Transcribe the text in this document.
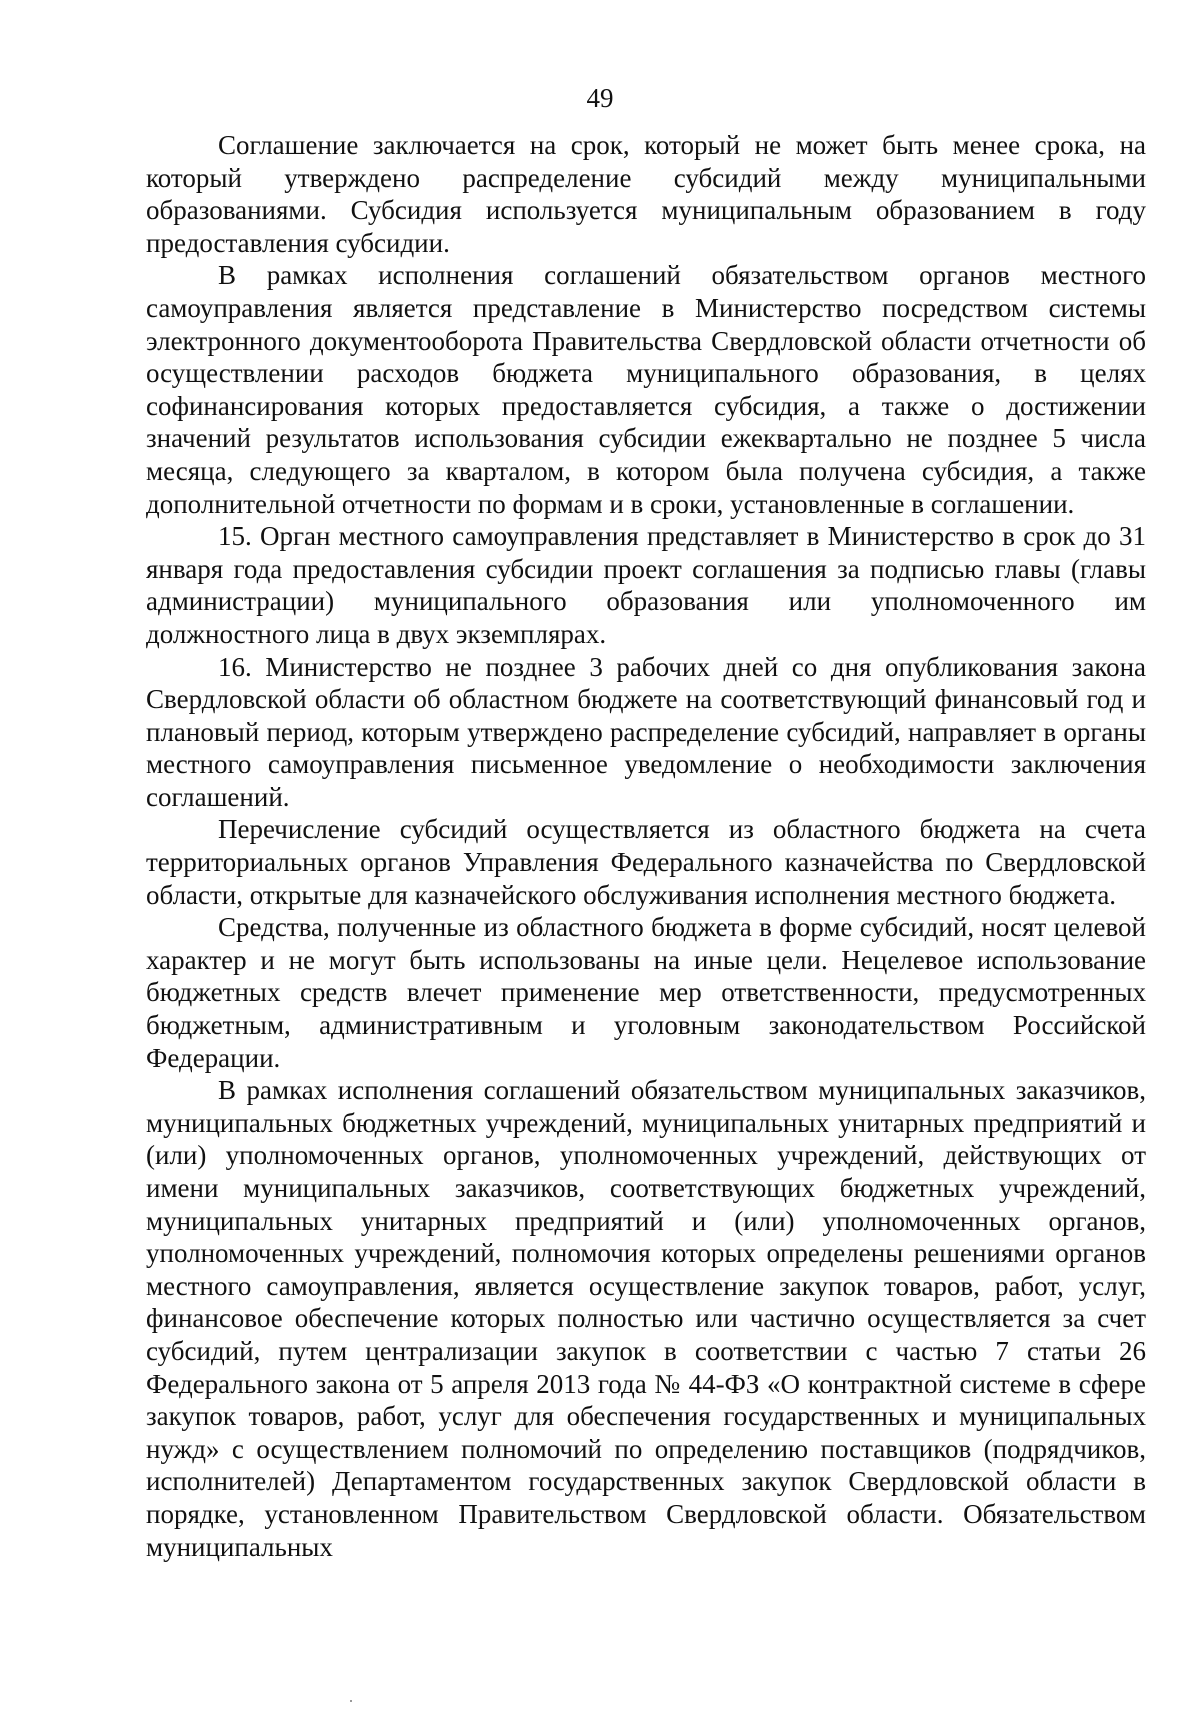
49

Соглашение заключается на срок, который не может быть менее срока, на который утверждено распределение субсидий между муниципальными образованиями. Субсидия используется муниципальным образованием в году предоставления субсидии.

В рамках исполнения соглашений обязательством органов местного самоуправления является представление в Министерство посредством системы электронного документооборота Правительства Свердловской области отчетности об осуществлении расходов бюджета муниципального образования, в целях софинансирования которых предоставляется субсидия, а также о достижении значений результатов использования субсидии ежеквартально не позднее 5 числа месяца, следующего за кварталом, в котором была получена субсидия, а также дополнительной отчетности по формам и в сроки, установленные в соглашении.

15. Орган местного самоуправления представляет в Министерство в срок до 31 января года предоставления субсидии проект соглашения за подписью главы (главы администрации) муниципального образования или уполномоченного им должностного лица в двух экземплярах.

16. Министерство не позднее 3 рабочих дней со дня опубликования закона Свердловской области об областном бюджете на соответствующий финансовый год и плановый период, которым утверждено распределение субсидий, направляет в органы местного самоуправления письменное уведомление о необходимости заключения соглашений.

Перечисление субсидий осуществляется из областного бюджета на счета территориальных органов Управления Федерального казначейства по Свердловской области, открытые для казначейского обслуживания исполнения местного бюджета.

Средства, полученные из областного бюджета в форме субсидий, носят целевой характер и не могут быть использованы на иные цели. Нецелевое использование бюджетных средств влечет применение мер ответственности, предусмотренных бюджетным, административным и уголовным законодательством Российской Федерации.

В рамках исполнения соглашений обязательством муниципальных заказчиков, муниципальных бюджетных учреждений, муниципальных унитарных предприятий и (или) уполномоченных органов, уполномоченных учреждений, действующих от имени муниципальных заказчиков, соответствующих бюджетных учреждений, муниципальных унитарных предприятий и (или) уполномоченных органов, уполномоченных учреждений, полномочия которых определены решениями органов местного самоуправления, является осуществление закупок товаров, работ, услуг, финансовое обеспечение которых полностью или частично осуществляется за счет субсидий, путем централизации закупок в соответствии с частью 7 статьи 26 Федерального закона от 5 апреля 2013 года № 44-ФЗ «О контрактной системе в сфере закупок товаров, работ, услуг для обеспечения государственных и муниципальных нужд» с осуществлением полномочий по определению поставщиков (подрядчиков, исполнителей) Департаментом государственных закупок Свердловской области в порядке, установленном Правительством Свердловской области. Обязательством муниципальных
